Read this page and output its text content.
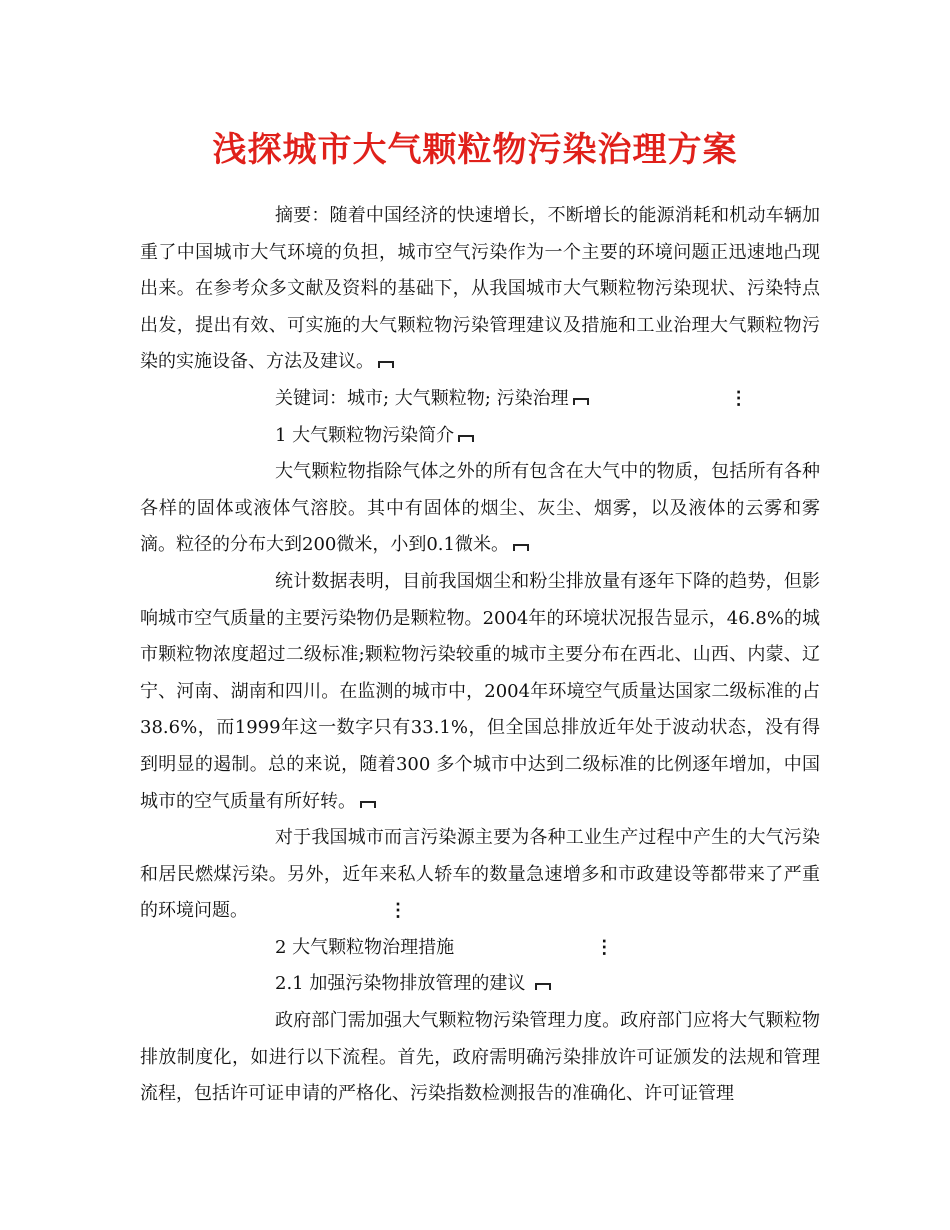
浅探城市大气颗粒物污染治理方案

摘要：随着中国经济的快速增长，不断增长的能源消耗和机动车辆加重了中国城市大气环境的负担，城市空气污染作为一个主要的环境问题正迅速地凸现出来。在参考众多文献及资料的基础下，从我国城市大气颗粒物污染现状、污染特点出发，提出有效、可实施的大气颗粒物污染管理建议及措施和工业治理大气颗粒物污染的实施设备、方法及建议。

关键词：城市; 大气颗粒物; 污染治理	⋮

1 大气颗粒物污染简介

大气颗粒物指除气体之外的所有包含在大气中的物质，包括所有各种各样的固体或液体气溶胶。其中有固体的烟尘、灰尘、烟雾，以及液体的云雾和雾滴。粒径的分布大到200微米，小到0.1微米。

统计数据表明，目前我国烟尘和粉尘排放量有逐年下降的趋势，但影响城市空气质量的主要污染物仍是颗粒物。2004年的环境状况报告显示，46.8%的城市颗粒物浓度超过二级标准;颗粒物污染较重的城市主要分布在西北、山西、内蒙、辽宁、河南、湖南和四川。在监测的城市中，2004年环境空气质量达国家二级标准的占38.6%，而1999年这一数字只有33.1%，但全国总排放近年处于波动状态，没有得到明显的遏制。总的来说，随着300 多个城市中达到二级标准的比例逐年增加，中国城市的空气质量有所好转。

对于我国城市而言污染源主要为各种工业生产过程中产生的大气污染和居民燃煤污染。另外，近年来私人轿车的数量急速增多和市政建设等都带来了严重的环境问题。	⋮

2 大气颗粒物治理措施	⋮

2.1 加强污染物排放管理的建议

政府部门需加强大气颗粒物污染管理力度。政府部门应将大气颗粒物排放制度化，如进行以下流程。首先，政府需明确污染排放许可证颁发的法规和管理流程，包括许可证申请的严格化、污染指数检测报告的准确化、许可证管理
